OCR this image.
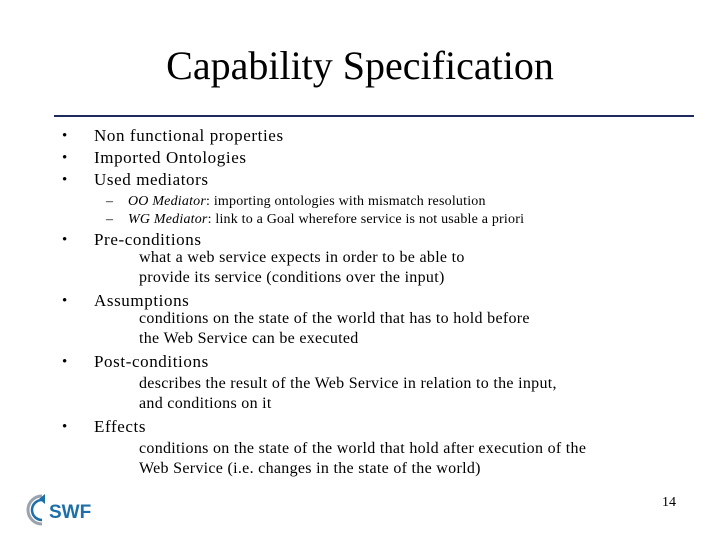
Capability Specification
• Non functional properties
• Imported Ontologies
• Used mediators
– OO Mediator: importing ontologies with mismatch resolution
– WG Mediator: link to a Goal wherefore service is not usable a priori
• Pre-conditions
what a web service expects in order to be able to
provide its service (conditions over the input)
• Assumptions
conditions on the state of the world that has to hold before
the Web Service can be executed
• Post-conditions
describes the result of the Web Service in relation to the input,
and conditions on it
• Effects
conditions on the state of the world that hold after execution of the
Web Service (i.e. changes in the state of the world)
SWF	14
